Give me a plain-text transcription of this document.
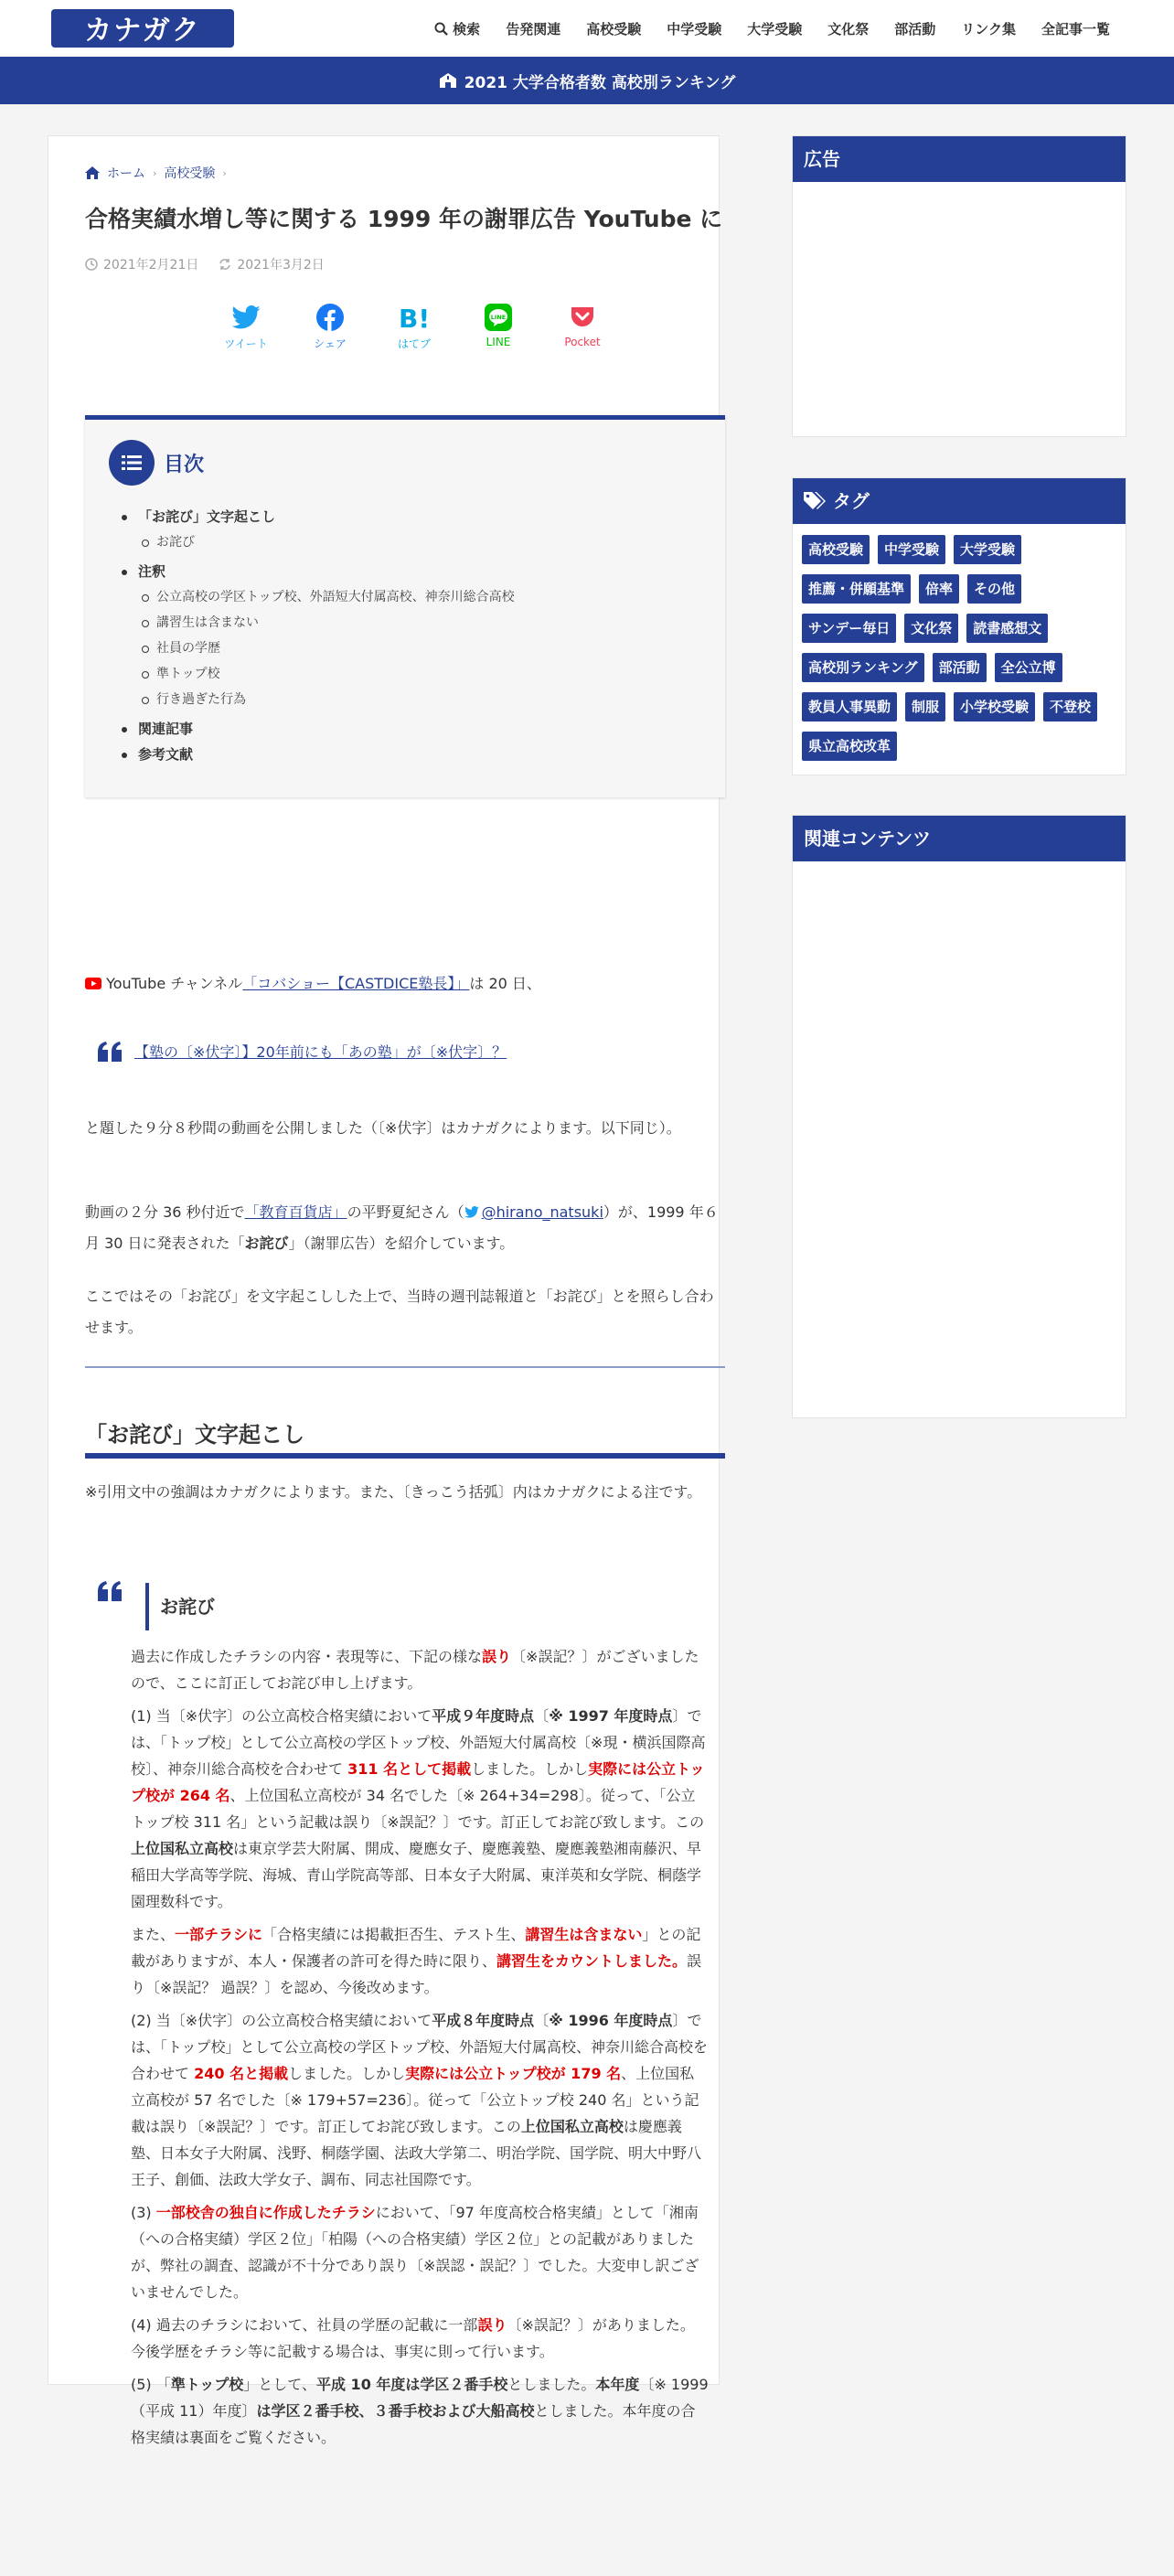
カナガク	検索	告発関連	高校受験	中学受験	大学受験	文化祭	部活動	リンク集	全記事一覧
2021 大学合格者数 高校別ランキング
ホーム › 高校受験 ›
合格実績水増し等に関する 1999 年の謝罪広告 YouTube に
2021年2月21日	2021年3月2日
ツイート	シェア
B!
はてブ
LINE
LINE	Pocket
目次
「お詫び」文字起こし
お詫び
注釈
公立高校の学区トップ校、外語短大付属高校、神奈川総合高校
講習生は含まない
社員の学歴
準トップ校
行き過ぎた行為
関連記事
参考文献

YouTube チャンネル「コバショー【CASTDICE塾長】」は 20 日、

【塾の〔※伏字〕】20年前にも「あの塾」が〔※伏字〕？

と題した９分８秒間の動画を公開しました（〔※伏字〕はカナガクによります。以下同じ）。

動画の２分 36 秒付近で「教育百貨店」の平野夏紀さん（ @hirano_natsuki）が、1999 年６月 30 日に発表された「お詫び」（謝罪広告）を紹介しています。

ここではその「お詫び」を文字起こしした上で、当時の週刊誌報道と「お詫び」とを照らし合わせます。

「お詫び」文字起こし

※引用文中の強調はカナガクによります。また、〔きっこう括弧〕内はカナガクによる注です。

お詫び

過去に作成したチラシの内容・表現等に、下記の様な誤り〔※誤記？〕がございましたので、ここに訂正してお詫び申し上げます。

(1) 当〔※伏字〕の公立高校合格実績において平成９年度時点〔※ 1997 年度時点〕では、「トップ校」として公立高校の学区トップ校、外語短大付属高校〔※現・横浜国際高校〕、神奈川総合高校を合わせて 311 名として掲載しました。しかし実際には公立トップ校が 264 名、上位国私立高校が 34 名でした〔※ 264+34=298〕。従って、「公立トップ校 311 名」という記載は誤り〔※誤記？〕です。訂正してお詫び致します。この上位国私立高校は東京学芸大附属、開成、慶應女子、慶應義塾、慶應義塾湘南藤沢、早稲田大学高等学院、海城、青山学院高等部、日本女子大附属、東洋英和女学院、桐蔭学園理数科です。

また、一部チラシに「合格実績には掲載拒否生、テスト生、講習生は含まない」との記載がありますが、本人・保護者の許可を得た時に限り、講習生をカウントしました。誤り〔※誤記？ 過誤？〕を認め、今後改めます。

(2) 当〔※伏字〕の公立高校合格実績において平成８年度時点〔※ 1996 年度時点〕では、「トップ校」として公立高校の学区トップ校、外語短大付属高校、神奈川総合高校を合わせて 240 名と掲載しました。しかし実際には公立トップ校が 179 名、上位国私立高校が 57 名でした〔※ 179+57=236〕。従って「公立トップ校 240 名」という記載は誤り〔※誤記？〕です。訂正してお詫び致します。この上位国私立高校は慶應義塾、日本女子大附属、浅野、桐蔭学園、法政大学第二、明治学院、国学院、明大中野八王子、創価、法政大学女子、調布、同志社国際です。

(3) 一部校舎の独自に作成したチラシにおいて、「97 年度高校合格実績」として「湘南（への合格実績）学区２位」「柏陽（への合格実績）学区２位」との記載がありましたが、弊社の調査、認識が不十分であり誤り〔※誤認・誤記？〕でした。大変申し訳ございませんでした。

(4) 過去のチラシにおいて、社員の学歴の記載に一部誤り〔※誤記？〕がありました。今後学歴をチラシ等に記載する場合は、事実に則って行います。

(5) 「準トップ校」として、平成 10 年度は学区２番手校としました。本年度〔※ 1999（平成 11）年度〕は学区２番手校、３番手校および大船高校としました。本年度の合格実績は裏面をご覧ください。

広告
タグ
高校受験	中学受験	大学受験
推薦・併願基準	倍率	その他
サンデー毎日	文化祭	読書感想文
高校別ランキング	部活動	全公立博
教員人事異動	制服	小学校受験	不登校
県立高校改革
関連コンテンツ
